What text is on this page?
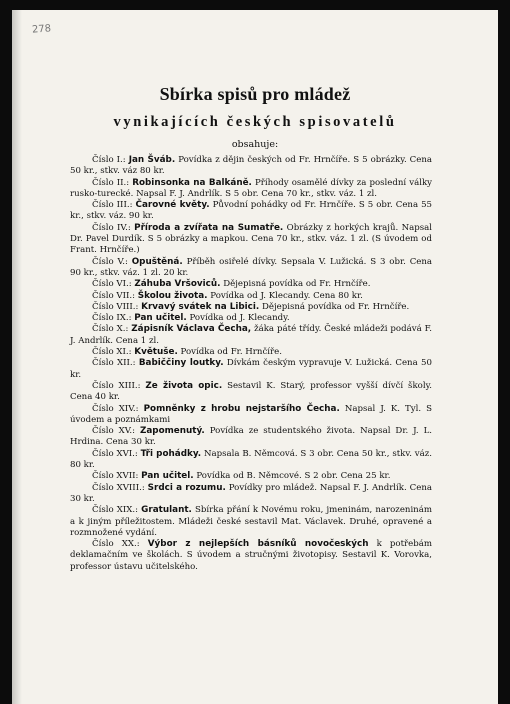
278
Sbírka spisů pro mládež
vynikajících českých spisovatelů
obsahuje:

Číslo I.: Jan Šváb. Povídka z dějin českých od Fr. Hrnčíře. S 5 obrázky. Cena 50 kr., stkv. váz 80 kr.

Číslo II.: Robinsonka na Balkáně. Příhody osamělé dívky za poslední války rusko-turecké. Napsal F. J. Andrlík. S 5 obr. Cena 70 kr., stkv. váz. 1 zl.

Číslo III.: Čarovné květy. Původní pohádky od Fr. Hrnčíře. S 5 obr. Cena 55 kr., stkv. váz. 90 kr.

Číslo IV.: Příroda a zvířata na Sumatře. Obrázky z horkých krajů. Napsal Dr. Pavel Durdík. S 5 obrázky a mapkou. Cena 70 kr., stkv. váz. 1 zl. (S úvodem od Frant. Hrnčíře.)

Číslo V.: Opuštěná. Příběh osiřelé dívky. Sepsala V. Lužická. S 3 obr. Cena 90 kr., stkv. váz. 1 zl. 20 kr.

Číslo VI.: Záhuba Vršoviců. Dějepisná povídka od Fr. Hrnčíře.

Číslo VII.: Školou života. Povídka od J. Klecandy. Cena 80 kr.

Číslo VIII.: Krvavý svátek na Libici. Dějepisná povídka od Fr. Hrnčíře.

Číslo IX.: Pan učitel. Povídka od J. Klecandy.

Číslo X.: Zápisník Václava Čecha, žáka páté třídy. České mládeži podává F. J. Andrlík. Cena 1 zl.

Číslo XI.: Květuše. Povídka od Fr. Hrnčíře.

Číslo XII.: Babiččiny loutky. Dívkám českým vypravuje V. Lužická. Cena 50 kr.

Číslo XIII.: Ze života opic. Sestavil K. Starý, professor vyšší dívčí školy. Cena 40 kr.

Číslo XIV.: Pomněnky z hrobu nejstaršího Čecha. Napsal J. K. Tyl. S úvodem a poznámkami

Číslo XV.: Zapomenutý. Povídka ze studentského života. Napsal Dr. J. L. Hrdina. Cena 30 kr.

Číslo XVI.: Tři pohádky. Napsala B. Němcová. S 3 obr. Cena 50 kr., stkv. váz. 80 kr.

Číslo XVII: Pan učitel. Povídka od B. Němcové. S 2 obr. Cena 25 kr.

Číslo XVIII.: Srdci a rozumu. Povídky pro mládež. Napsal F. J. Andrlík. Cena 30 kr.

Číslo XIX.: Gratulant. Sbírka přání k Novému roku, jmeninám, narozeninám a k jiným příležitostem. Mládeži české sestavil Mat. Václavek. Druhé, opravené a rozmnožené vydání.

Číslo XX.: Výbor z nejlepších básníků novočeských k potřebám deklamačním ve školách. S úvodem a stručnými životopisy. Sestavil K. Vorovka, professor ústavu učitelského.
